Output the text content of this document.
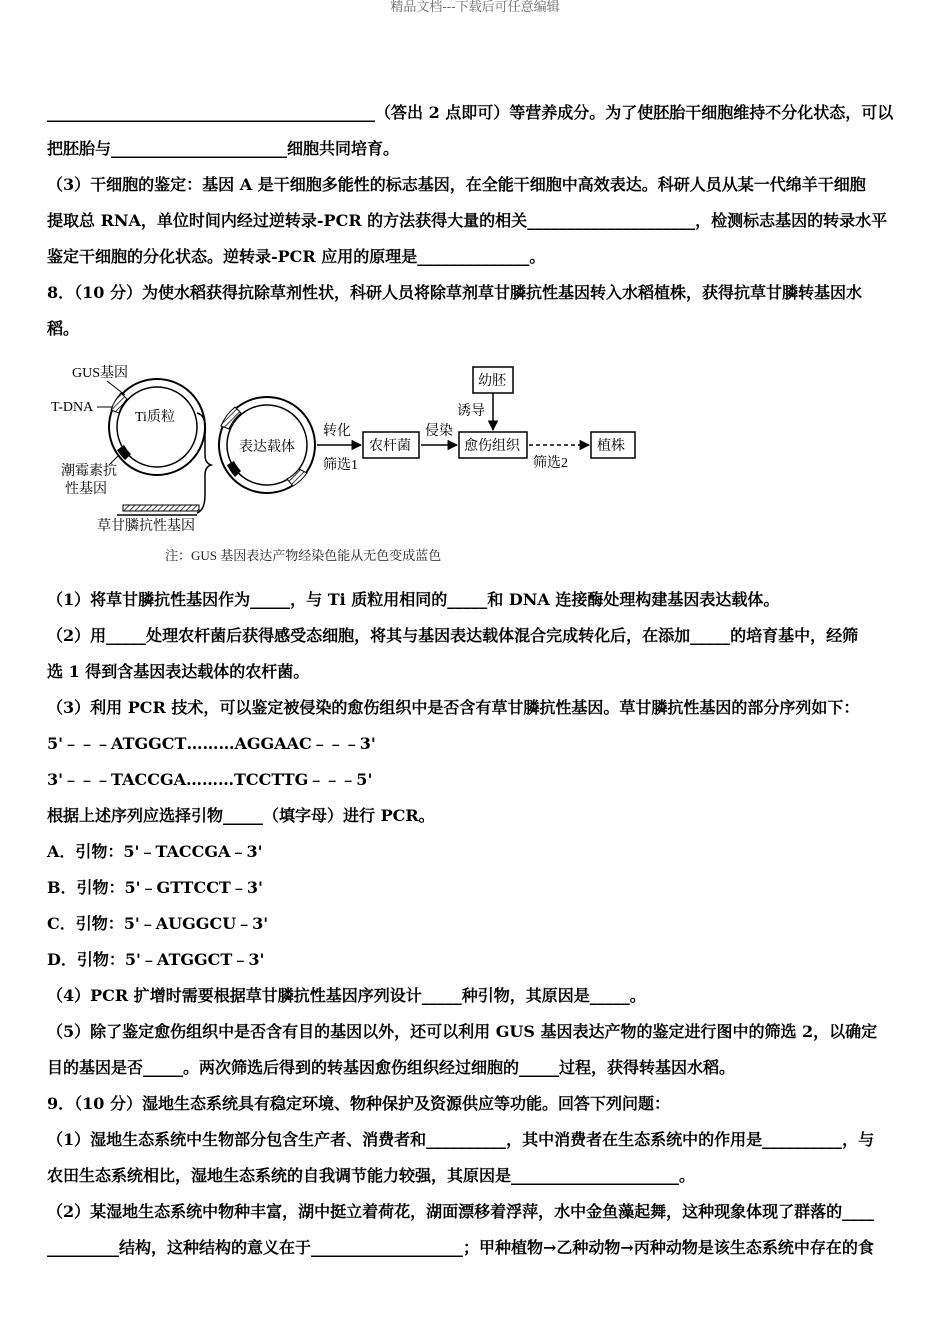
精品文档---下载后可任意编辑
_________________________________________（答出 2 点即可）等营养成分。为了使胚胎干细胞维持不分化状态，可以
把胚胎与______________________细胞共同培育。
（3）干细胞的鉴定：基因 A 是干细胞多能性的标志基因，在全能干细胞中高效表达。科研人员从某一代绵羊干细胞
提取总 RNA，单位时间内经过逆转录-PCR 的方法获得大量的相关_____________________，检测标志基因的转录水平
鉴定干细胞的分化状态。逆转录-PCR 应用的原理是______________。
8．（10 分）为使水稻获得抗除草剂性状，科研人员将除草剂草甘膦抗性基因转入水稻植株，获得抗草甘膦转基因水
稻。
Ti质粒
GUS基因
T-DNA
潮霉素抗
性基因
草甘膦抗性基因
表达载体
转化
筛选1
农杆菌
侵染
愈伤组织
幼胚
诱导
筛选2
植株
注：GUS 基因表达产物经染色能从无色变成蓝色
（1）将草甘膦抗性基因作为_____，与 Ti 质粒用相同的_____和 DNA 连接酶处理构建基因表达载体。
（2）用_____处理农杆菌后获得感受态细胞，将其与基因表达载体混合完成转化后，在添加_____的培育基中，经筛
选 1 得到含基因表达载体的农杆菌。
（3）利用 PCR 技术，可以鉴定被侵染的愈伤组织中是否含有草甘膦抗性基因。草甘膦抗性基因的部分序列如下：
5'﹣﹣﹣ATGGCT………AGGAAC﹣﹣﹣3'
3'﹣﹣﹣TACCGA………TCCTTG﹣﹣﹣5'
根据上述序列应选择引物_____（填字母）进行 PCR。
A．引物：5'﹣TACCGA﹣3'
B．引物：5'﹣GTTCCT﹣3'
C．引物：5'﹣AUGGCU﹣3'
D．引物：5'﹣ATGGCT﹣3'
（4）PCR 扩增时需要根据草甘膦抗性基因序列设计_____种引物，其原因是_____。
（5）除了鉴定愈伤组织中是否含有目的基因以外，还可以利用 GUS 基因表达产物的鉴定进行图中的筛选 2，以确定
目的基因是否_____。两次筛选后得到的转基因愈伤组织经过细胞的_____过程，获得转基因水稻。
9．（10 分）湿地生态系统具有稳定环境、物种保护及资源供应等功能。回答下列问题：
（1）湿地生态系统中生物部分包含生产者、消费者和__________，其中消费者在生态系统中的作用是__________，与
农田生态系统相比，湿地生态系统的自我调节能力较强，其原因是_____________________。
（2）某湿地生态系统中物种丰富，湖中挺立着荷花，湖面漂移着浮萍，水中金鱼藻起舞，这种现象体现了群落的____
_________结构，这种结构的意义在于___________________；甲种植物→乙种动物→丙种动物是该生态系统中存在的食
